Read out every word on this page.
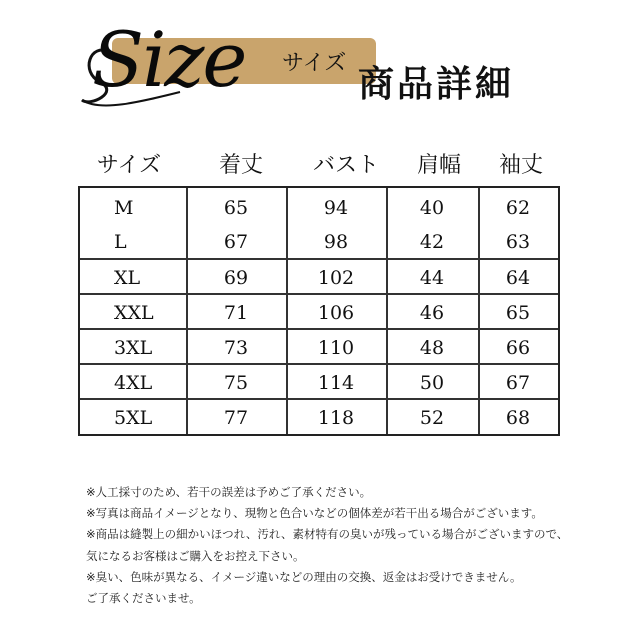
Size サイズ 商品詳細
サイズ	着丈	バスト	肩幅	袖丈
M	65	94	40	62
L	67	98	42	63
XL	69	102	44	64
XXL	71	106	46	65
3XL	73	110	48	66
4XL	75	114	50	67
5XL	77	118	52	68
※人工採寸のため、若干の誤差は予めご了承ください。
※写真は商品イメージとなり、現物と色合いなどの個体差が若干出る場合がございます。
※商品は縫製上の細かいほつれ、汚れ、素材特有の臭いが残っている場合がございますので、
気になるお客様はご購入をお控え下さい。
※臭い、色味が異なる、イメージ違いなどの理由の交換、返金はお受けできません。
ご了承くださいませ。
